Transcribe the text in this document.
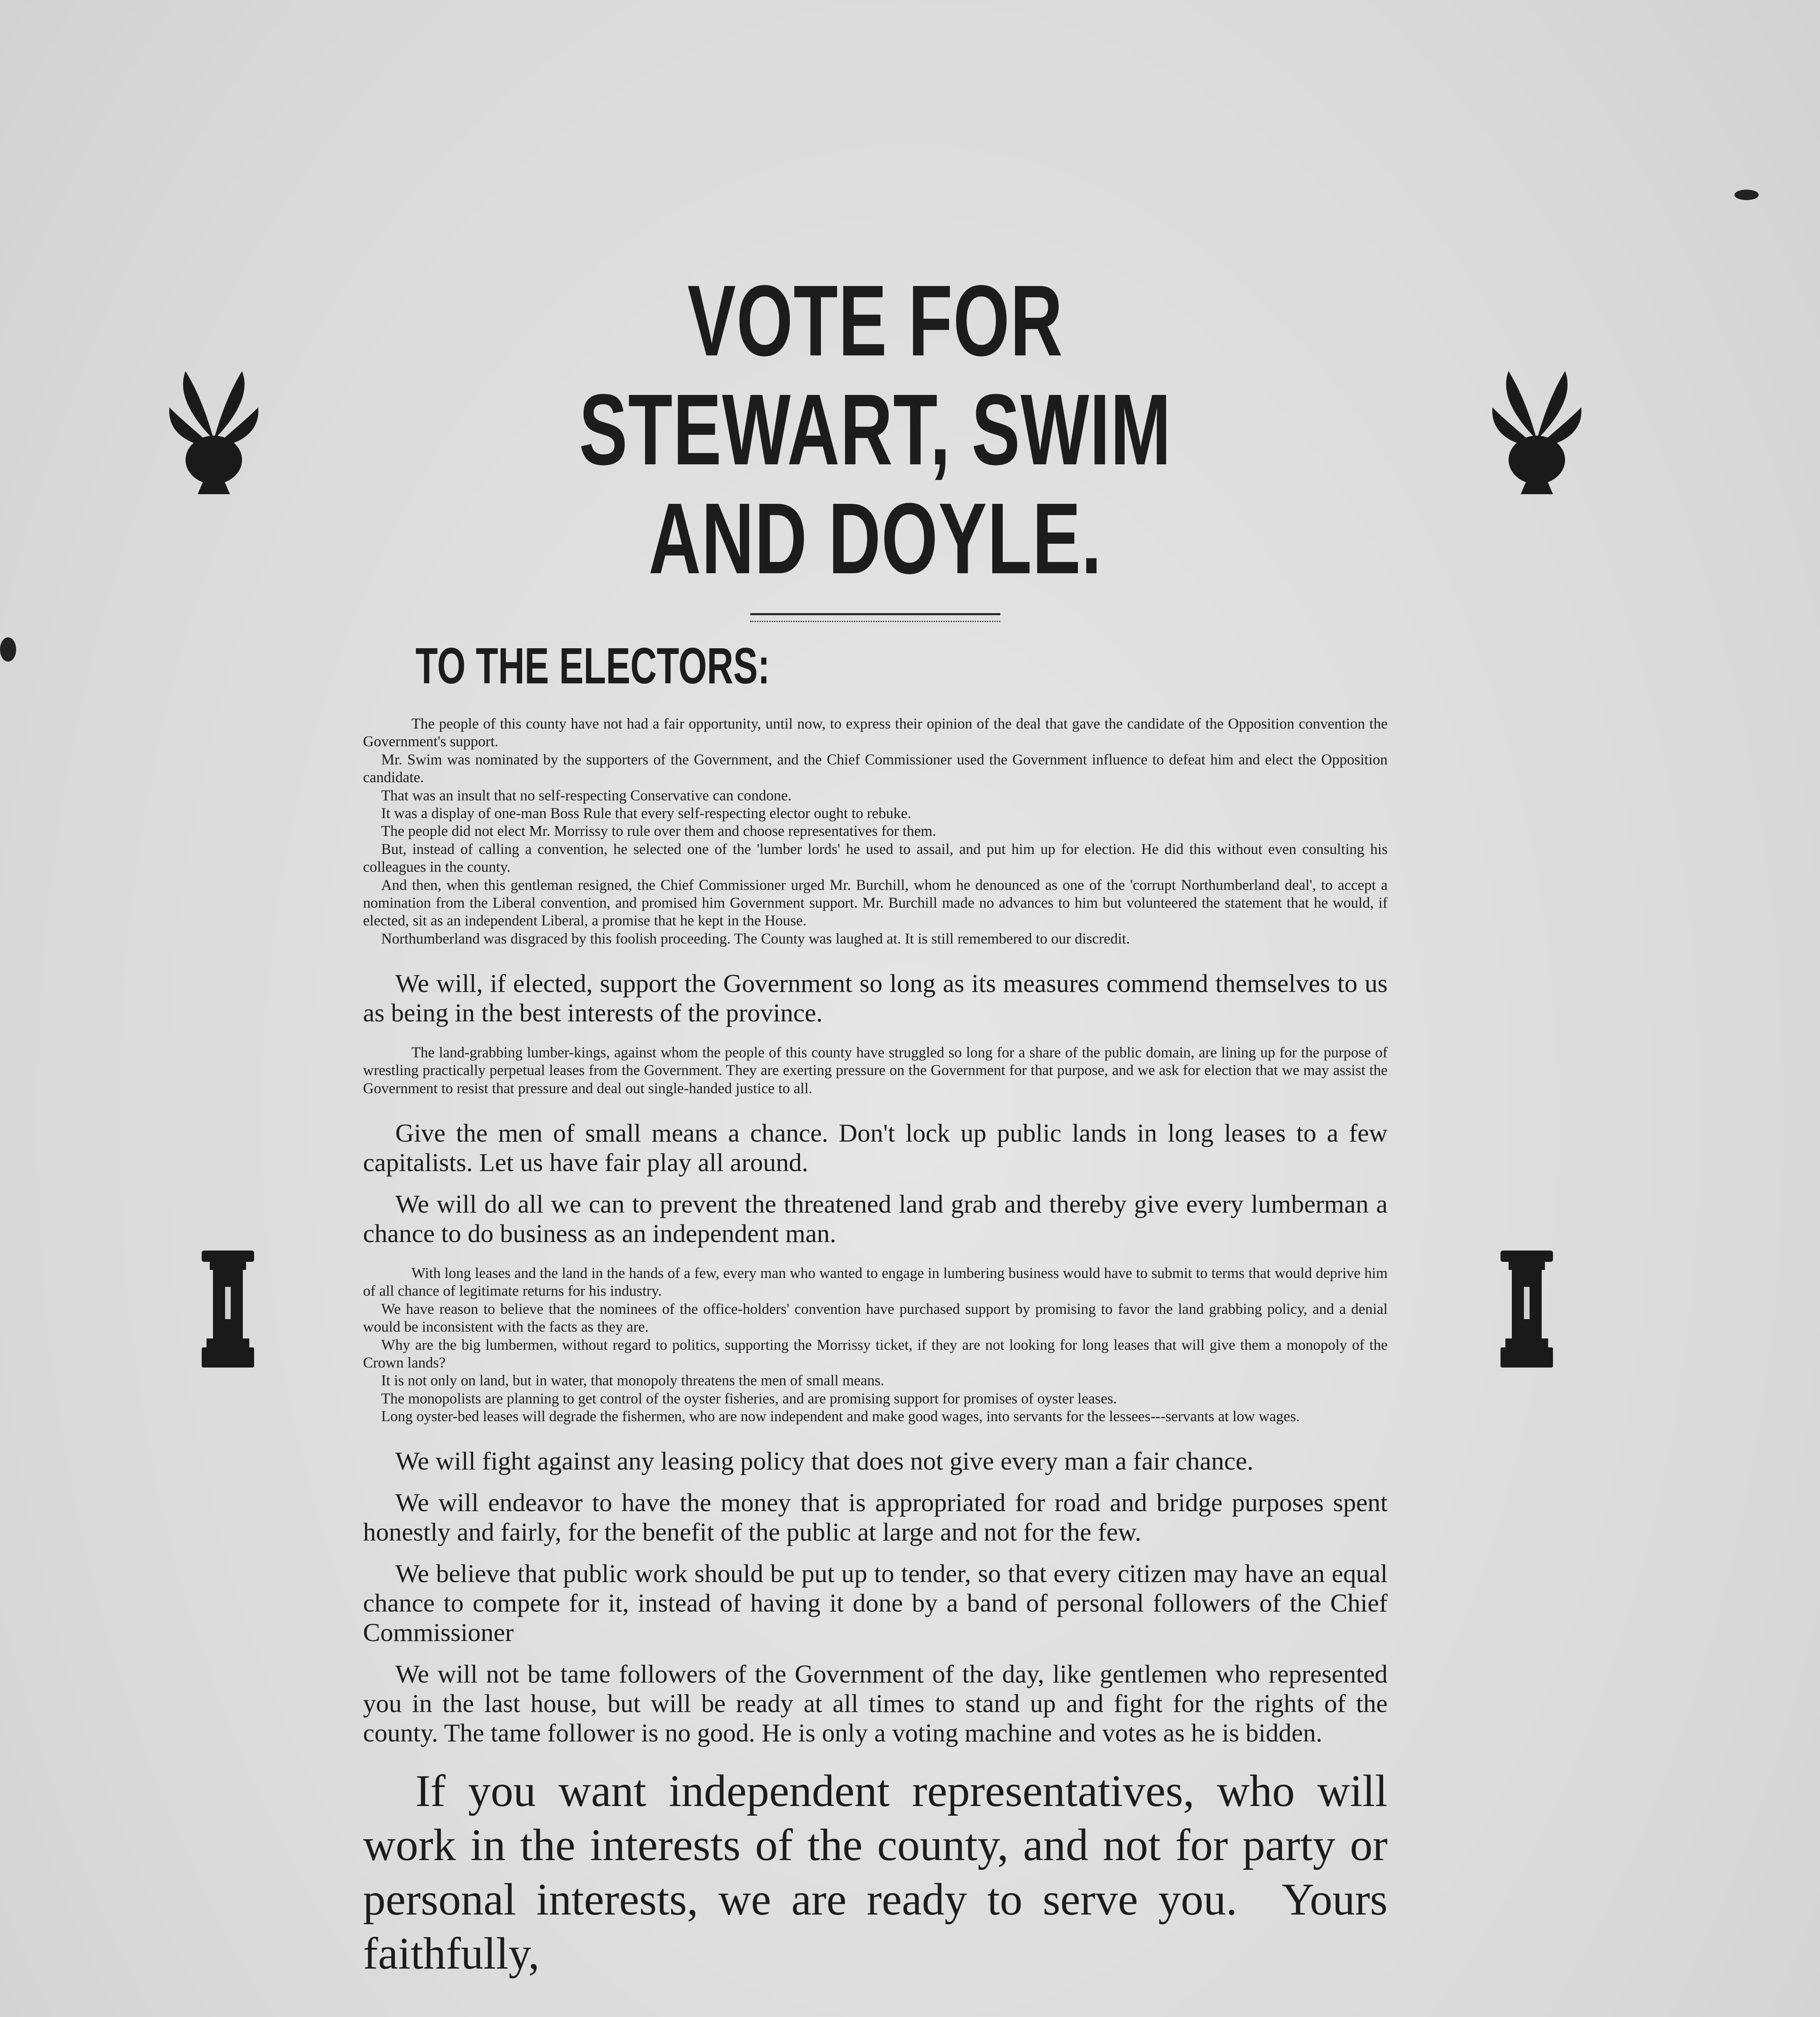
VOTE FOR STEWART, SWIM
AND DOYLE.
TO THE ELECTORS:

The people of this county have not had a fair opportunity, until now, to express their opinion of the deal that gave the candidate of the Opposition convention the Government's support.

Mr. Swim was nominated by the supporters of the Government, and the Chief Commissioner used the Government influence to defeat him and elect the Opposition candidate.

That was an insult that no self-respecting Conservative can condone.

It was a display of one-man Boss Rule that every self-respecting elector ought to rebuke.

The people did not elect Mr. Morrissy to rule over them and choose representatives for them.

But, instead of calling a convention, he selected one of the 'lumber lords' he used to assail, and put him up for election. He did this without even consulting his colleagues in the county.

And then, when this gentleman resigned, the Chief Commissioner urged Mr. Burchill, whom he denounced as one of the 'corrupt Northumberland deal', to accept a nomination from the Liberal convention, and promised him Government support. Mr. Burchill made no advances to him but volunteered the statement that he would, if elected, sit as an independent Liberal, a promise that he kept in the House.

Northumberland was disgraced by this foolish proceeding. The County was laughed at. It is still remembered to our discredit.

We will, if elected, support the Government so long as its measures commend themselves to us as being in the best interests of the province.

The land-grabbing lumber-kings, against whom the people of this county have struggled so long for a share of the public domain, are lining up for the purpose of wrestling practically perpetual leases from the Government. They are exerting pressure on the Government for that purpose, and we ask for election that we may assist the Government to resist that pressure and deal out single-handed justice to all.

Give the men of small means a chance. Don't lock up public lands in long leases to a few capitalists. Let us have fair play all around.

We will do all we can to prevent the threatened land grab and thereby give every lumberman a chance to do business as an independent man.

With long leases and the land in the hands of a few, every man who wanted to engage in lumbering business would have to submit to terms that would deprive him of all chance of legitimate returns for his industry.

We have reason to believe that the nominees of the office-holders' convention have purchased support by promising to favor the land grabbing policy, and a denial would be inconsistent with the facts as they are.

Why are the big lumbermen, without regard to politics, supporting the Morrissy ticket, if they are not looking for long leases that will give them a monopoly of the Crown lands?

It is not only on land, but in water, that monopoly threatens the men of small means.

The monopolists are planning to get control of the oyster fisheries, and are promising support for promises of oyster leases.

Long oyster-bed leases will degrade the fishermen, who are now independent and make good wages, into servants for the lessees---servants at low wages.

We will fight against any leasing policy that does not give every man a fair chance.

We will endeavor to have the money that is appropriated for road and bridge purposes spent honestly and fairly, for the benefit of the public at large and not for the few.

We believe that public work should be put up to tender, so that every citizen may have an equal chance to compete for it, instead of having it done by a band of personal followers of the Chief Commissioner

We will not be tame followers of the Government of the day, like gentlemen who represented you in the last house, but will be ready at all times to stand up and fight for the rights of the county. The tame follower is no good. He is only a voting machine and votes as he is bidden.

If you want independent representatives, who will work in the interests of the county, and not for party or personal interests, we are ready to serve you. Yours faithfully,
